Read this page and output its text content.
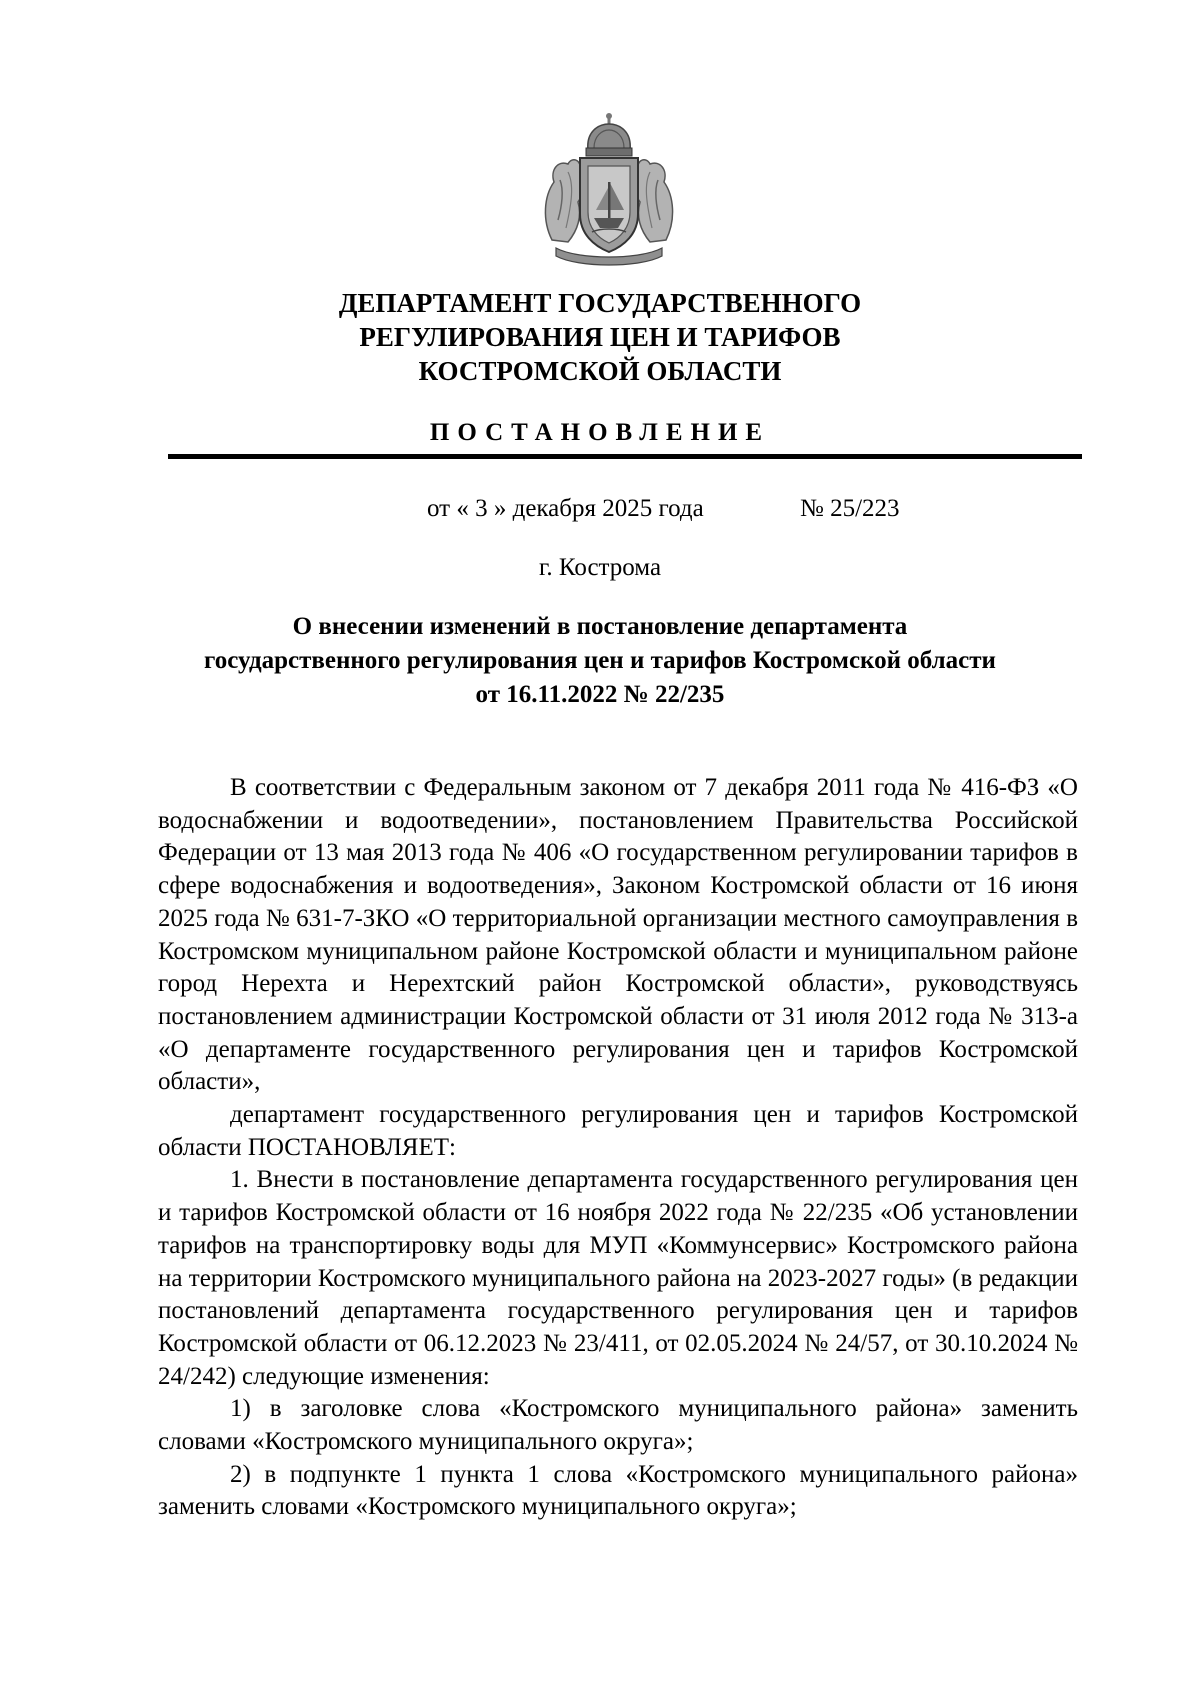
ДЕПАРТАМЕНТ ГОСУДАРСТВЕННОГО
РЕГУЛИРОВАНИЯ ЦЕН И ТАРИФОВ
КОСТРОМСКОЙ ОБЛАСТИ
ПОСТАНОВЛЕНИЕ
от « 3 » декабря 2025 года	№ 25/223
г. Кострома
О внесении изменений в постановление департамента
государственного регулирования цен и тарифов Костромской области
от 16.11.2022 № 22/235

В соответствии с Федеральным законом от 7 декабря 2011 года № 416-ФЗ «О водоснабжении и водоотведении», постановлением Правительства Российской Федерации от 13 мая 2013 года № 406 «О государственном регулировании тарифов в сфере водоснабжения и водоотведения», Законом Костромской области от 16 июня 2025 года № 631-7-ЗКО «О территориальной организации местного самоуправления в Костромском муниципальном районе Костромской области и муниципальном районе город Нерехта и Нерехтский район Костромской области», руководствуясь постановлением администрации Костромской области от 31 июля 2012 года № 313-а «О департаменте государственного регулирования цен и тарифов Костромской области»,

департамент государственного регулирования цен и тарифов Костромской области ПОСТАНОВЛЯЕТ:

1. Внести в постановление департамента государственного регулирования цен и тарифов Костромской области от 16 ноября 2022 года № 22/235 «Об установлении тарифов на транспортировку воды для МУП «Коммунсервис» Костромского района на территории Костромского муниципального района на 2023-2027 годы» (в редакции постановлений департамента государственного регулирования цен и тарифов Костромской области от 06.12.2023 № 23/411, от 02.05.2024 № 24/57, от 30.10.2024 № 24/242) следующие изменения:

1) в заголовке слова «Костромского муниципального района» заменить словами «Костромского муниципального округа»;

2) в подпункте 1 пункта 1 слова «Костромского муниципального района» заменить словами «Костромского муниципального округа»;
